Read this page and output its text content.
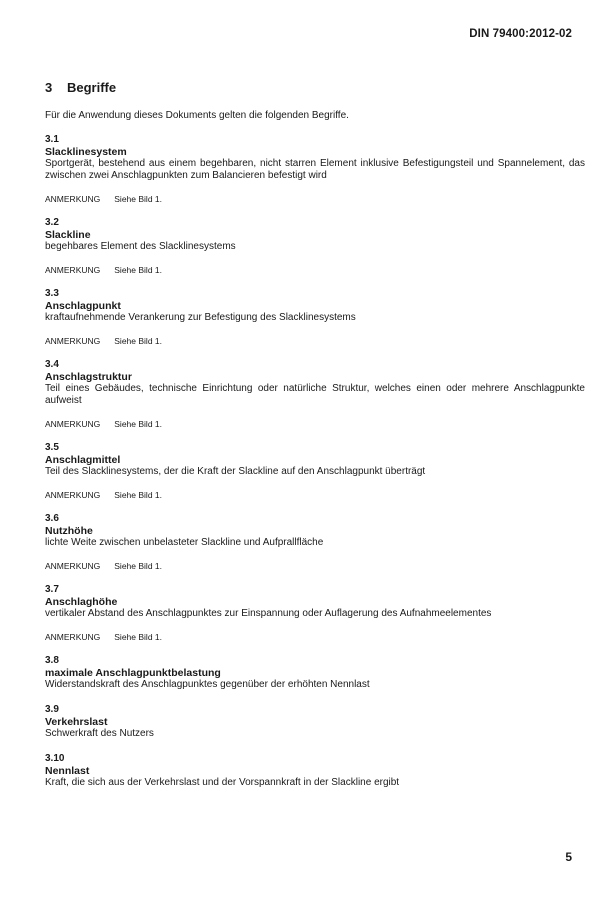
DIN 79400:2012-02
3 Begriffe
Für die Anwendung dieses Dokuments gelten die folgenden Begriffe.
3.1
Slacklinesystem
Sportgerät, bestehend aus einem begehbaren, nicht starren Element inklusive Befestigungsteil und Spannelement, das zwischen zwei Anschlagpunkten zum Balancieren befestigt wird
ANMERKUNG Siehe Bild 1.
3.2
Slackline
begehbares Element des Slacklinesystems
ANMERKUNG Siehe Bild 1.
3.3
Anschlagpunkt
kraftaufnehmende Verankerung zur Befestigung des Slacklinesystems
ANMERKUNG Siehe Bild 1.
3.4
Anschlagstruktur
Teil eines Gebäudes, technische Einrichtung oder natürliche Struktur, welches einen oder mehrere Anschlagpunkte aufweist
ANMERKUNG Siehe Bild 1.
3.5
Anschlagmittel
Teil des Slacklinesystems, der die Kraft der Slackline auf den Anschlagpunkt überträgt
ANMERKUNG Siehe Bild 1.
3.6
Nutzhöhe
lichte Weite zwischen unbelasteter Slackline und Aufprallfläche
ANMERKUNG Siehe Bild 1.
3.7
Anschlaghöhe
vertikaler Abstand des Anschlagpunktes zur Einspannung oder Auflagerung des Aufnahmeelementes
ANMERKUNG Siehe Bild 1.
3.8
maximale Anschlagpunktbelastung
Widerstandskraft des Anschlagpunktes gegenüber der erhöhten Nennlast
3.9
Verkehrslast
Schwerkraft des Nutzers
3.10
Nennlast
Kraft, die sich aus der Verkehrslast und der Vorspannkraft in der Slackline ergibt
5
